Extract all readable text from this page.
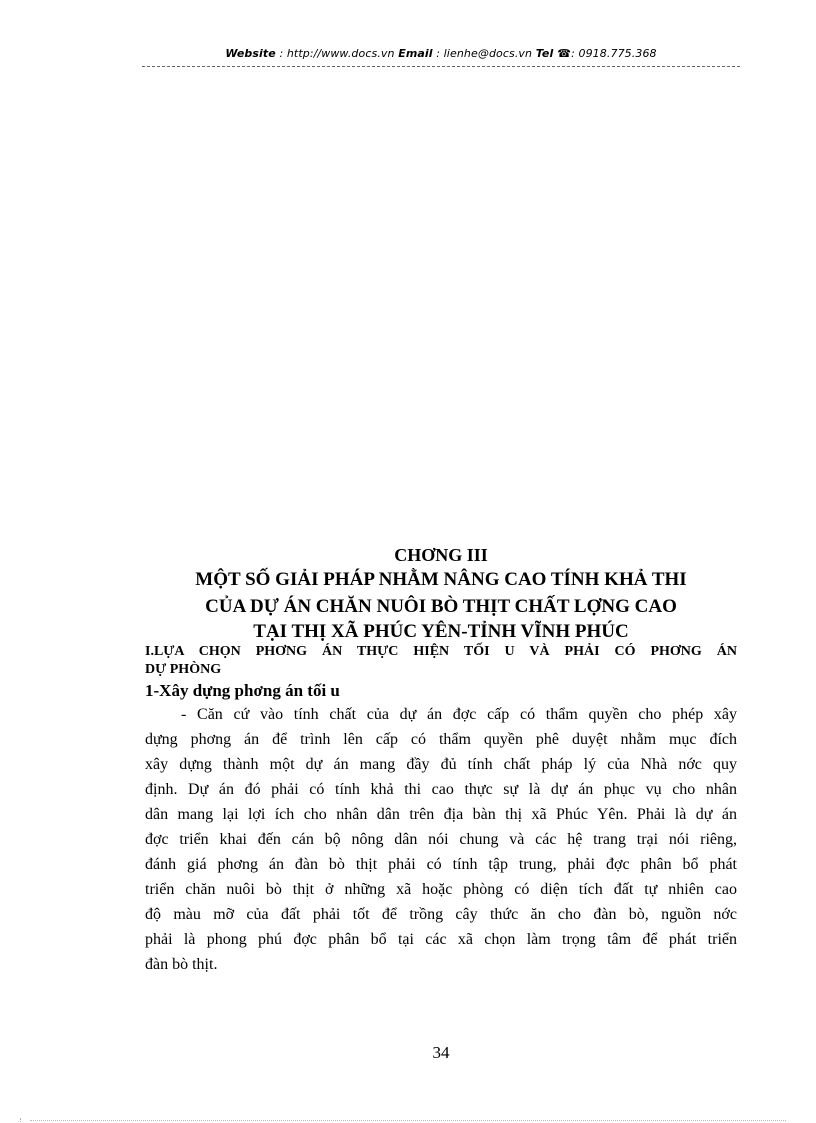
Website : http://www.docs.vn Email : lienhe@docs.vn Tel ☎: 0918.775.368
CHƠNG III
MỘT SỐ GIẢI PHÁP NHẰM NÂNG CAO TÍNH KHẢ THI
CỦA DỰ ÁN CHĂN NUÔI BÒ THỊT CHẤT LỢNG CAO
TẠI THỊ XÃ PHÚC YÊN-TỈNH VĨNH PHÚC
I.LỰA CHỌN PHƠNG ÁN THỰC HIỆN TỐI U VÀ PHẢI CÓ PHƠNG ÁN
DỰ PHÒNG
1-Xây dựng phơng án tối u
- Căn cứ vào tính chất của dự án đợc cấp có thẩm quyền cho phép xây
dựng phơng án để trình lên cấp có thẩm quyền phê duyệt nhằm mục đích
xây dựng thành một dự án mang đầy đủ tính chất pháp lý của Nhà nớc quy
định. Dự án đó phải có tính khả thi cao thực sự là dự án phục vụ cho nhân
dân mang lại lợi ích cho nhân dân trên địa bàn thị xã Phúc Yên. Phải là dự án
đợc triển khai đến cán bộ nông dân nói chung và các hệ trang trại nói riêng,
đánh giá phơng án đàn bò thịt phải có tính tập trung, phải đợc phân bổ phát
triển chăn nuôi bò thịt ở những xã hoặc phòng có diện tích đất tự nhiên cao
độ màu mỡ của đất phải tốt để trồng cây thức ăn cho đàn bò, nguồn nớc
phải là phong phú đợc phân bổ tại các xã chọn làm trọng tâm để phát triển
đàn bò thịt.
34
